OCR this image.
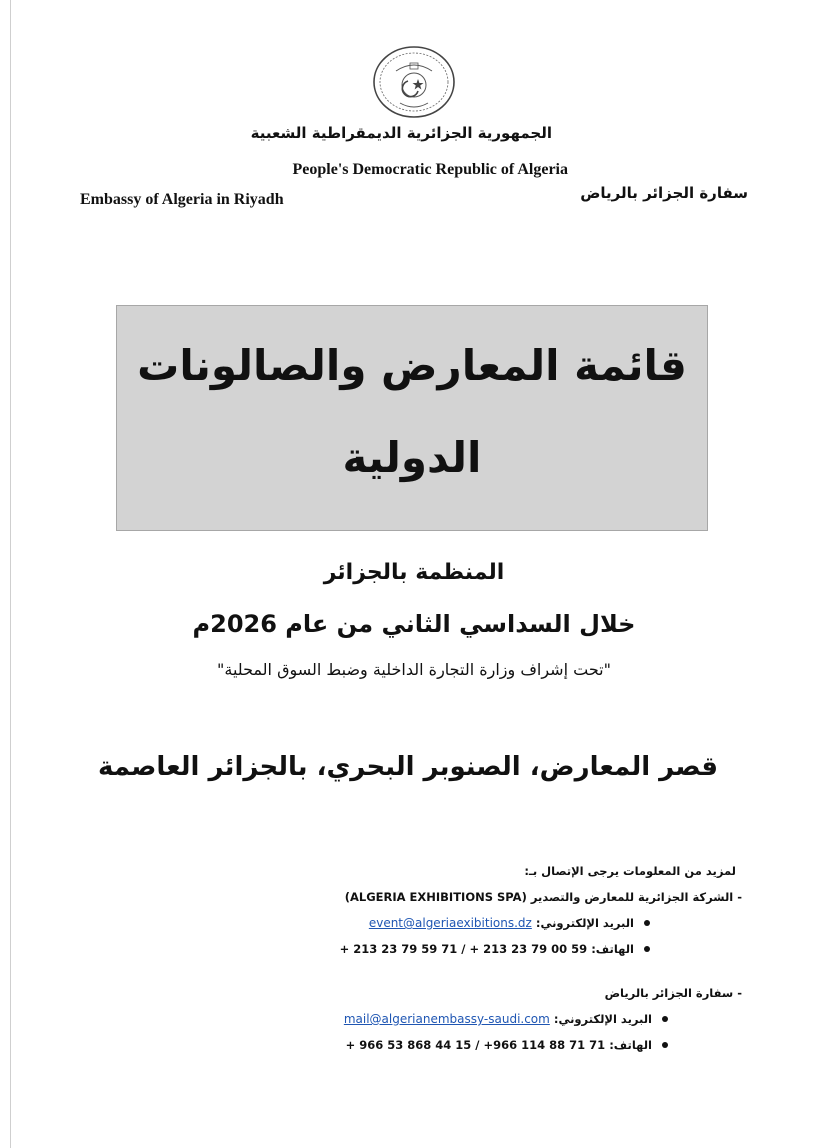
الجمهورية الجزائرية الديمقراطية الشعبية
People's Democratic Republic of Algeria
Embassy of Algeria in Riyadh	سفارة الجزائر بالرياض
قائمة المعارض والصالونات
الدولية
المنظمة بالجزائر
خلال السداسي الثاني من عام 2026م
"تحت إشراف وزارة التجارة الداخلية وضبط السوق المحلية"
قصر المعارض، الصنوبر البحري، بالجزائر العاصمة
لمزيد من المعلومات يرجى الإتصال بـ:
- الشركة الجزائرية للمعارض والتصدير (ALGERIA EXHIBITIONS SPA)
البريد الإلكتروني: event@algeriaexibitions.dz
الهاتف: + 213 23 79 59 71 / + 213 23 79 00 59
- سفارة الجزائر بالرياض
البريد الإلكتروني: mail@algerianembassy-saudi.com
الهاتف: + 966 53 868 44 15 / +966 114 88 71 71
